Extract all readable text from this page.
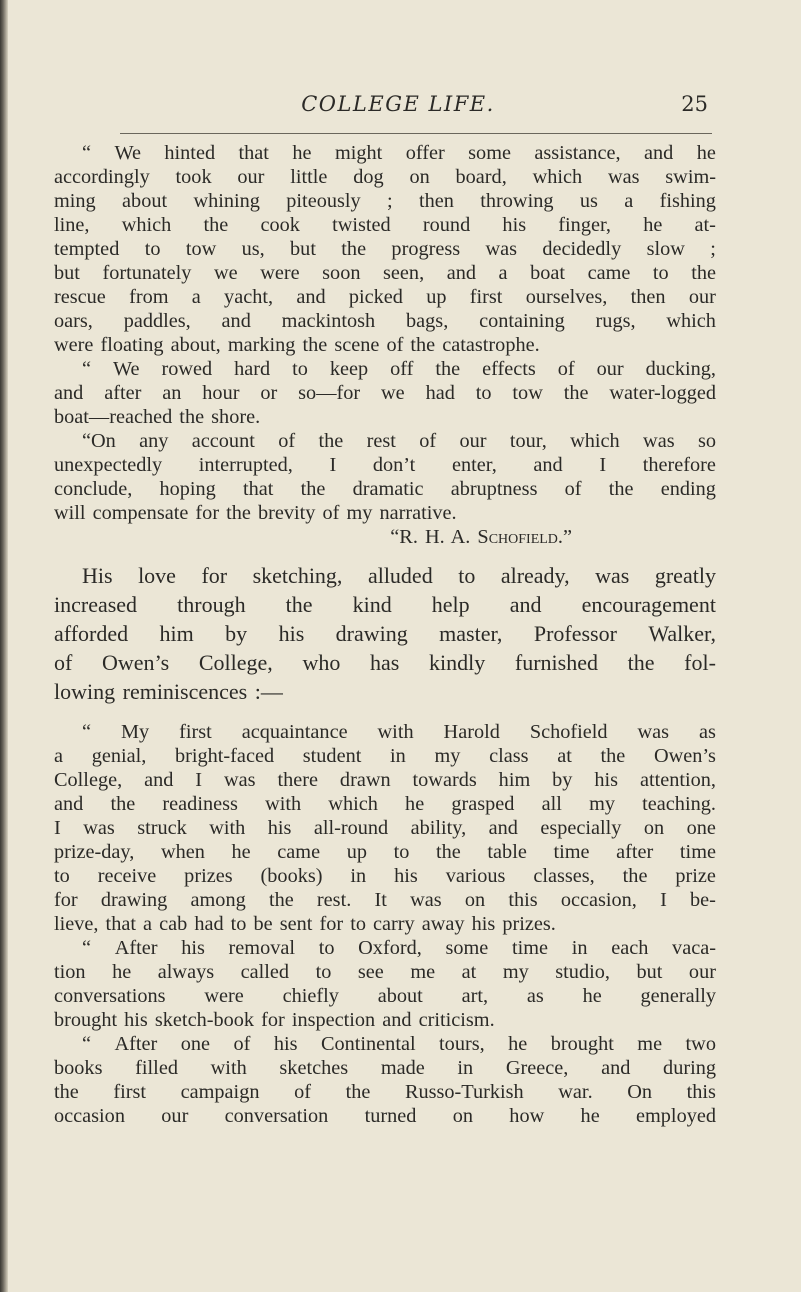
COLLEGE LIFE.	25
“ We hinted that he might offer some assistance, and he
accordingly took our little dog on board, which was swim-
ming about whining piteously ; then throwing us a fishing
line, which the cook twisted round his finger, he at-
tempted to tow us, but the progress was decidedly slow ;
but fortunately we were soon seen, and a boat came to the
rescue from a yacht, and picked up first ourselves, then our
oars, paddles, and mackintosh bags, containing rugs, which
were floating about, marking the scene of the catastrophe.
“ We rowed hard to keep off the effects of our ducking,
and after an hour or so—for we had to tow the water-logged
boat—reached the shore.
“On any account of the rest of our tour, which was so
unexpectedly interrupted, I don’t enter, and I therefore
conclude, hoping that the dramatic abruptness of the ending
will compensate for the brevity of my narrative.
“R. H. A. Schofield.”
His love for sketching, alluded to already, was greatly
increased through the kind help and encouragement
afforded him by his drawing master, Professor Walker,
of Owen’s College, who has kindly furnished the fol-
lowing reminiscences :—
“ My first acquaintance with Harold Schofield was as
a genial, bright-faced student in my class at the Owen’s
College, and I was there drawn towards him by his attention,
and the readiness with which he grasped all my teaching.
I was struck with his all-round ability, and especially on one
prize-day, when he came up to the table time after time
to receive prizes (books) in his various classes, the prize
for drawing among the rest. It was on this occasion, I be-
lieve, that a cab had to be sent for to carry away his prizes.
“ After his removal to Oxford, some time in each vaca-
tion he always called to see me at my studio, but our
conversations were chiefly about art, as he generally
brought his sketch-book for inspection and criticism.
“ After one of his Continental tours, he brought me two
books filled with sketches made in Greece, and during
the first campaign of the Russo-Turkish war. On this
occasion our conversation turned on how he employed
